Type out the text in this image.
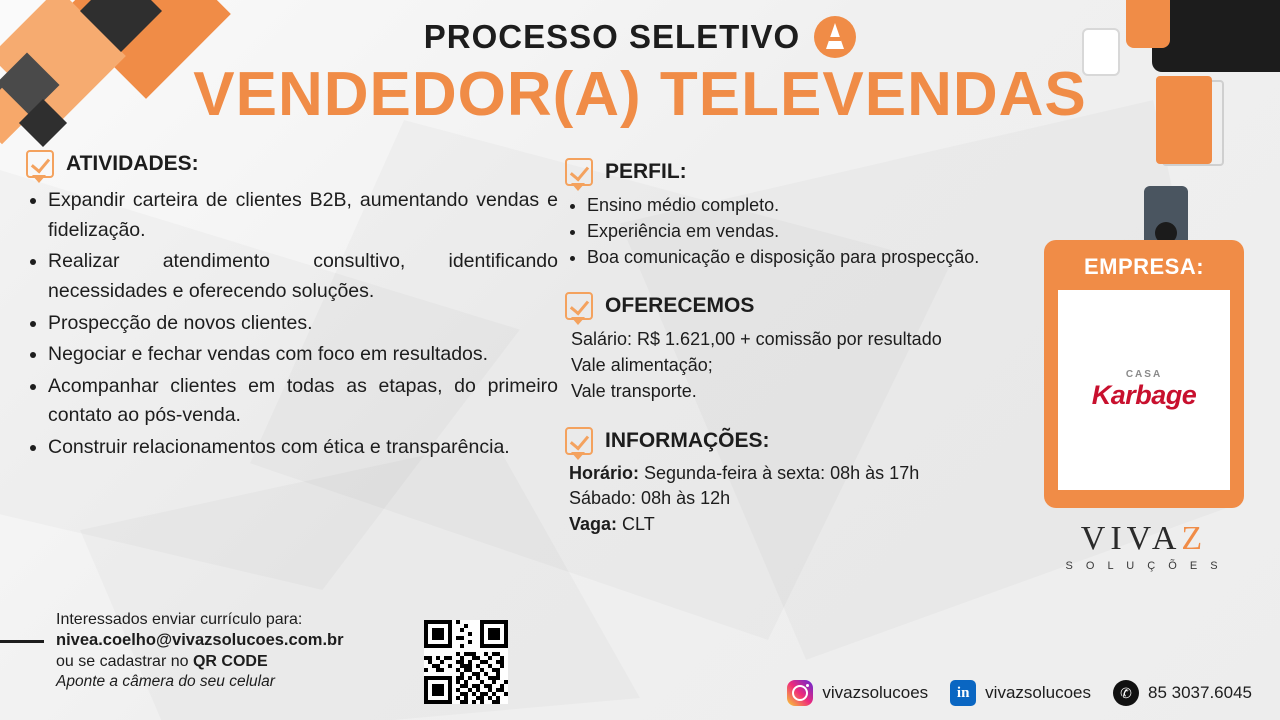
PROCESSO SELETIVO
VENDEDOR(A) TELEVENDAS
ATIVIDADES:
• Expandir carteira de clientes B2B, aumentando vendas e fidelização.
• Realizar atendimento consultivo, identificando necessidades e oferecendo soluções.
• Prospecção de novos clientes.
• Negociar e fechar vendas com foco em resultados.
• Acompanhar clientes em todas as etapas, do primeiro contato ao pós-venda.
• Construir relacionamentos com ética e transparência.
PERFIL:
• Ensino médio completo.
• Experiência em vendas.
• Boa comunicação e disposição para prospecção.
OFERECEMOS
Salário: R$ 1.621,00 + comissão por resultado
Vale alimentação;
Vale transporte.
INFORMAÇÕES:
Horário: Segunda-feira à sexta: 08h às 17h
Sábado: 08h às 12h
Vaga: CLT
EMPRESA:
CASA
Karbage
VIVAZ
S O L U Ç Õ E S
Interessados enviar currículo para:
nivea.coelho@vivazsolucoes.com.br
ou se cadastrar no QR CODE
Aponte a câmera do seu celular
vivazsolucoes	in vivazsolucoes	✆ 85 3037.6045
